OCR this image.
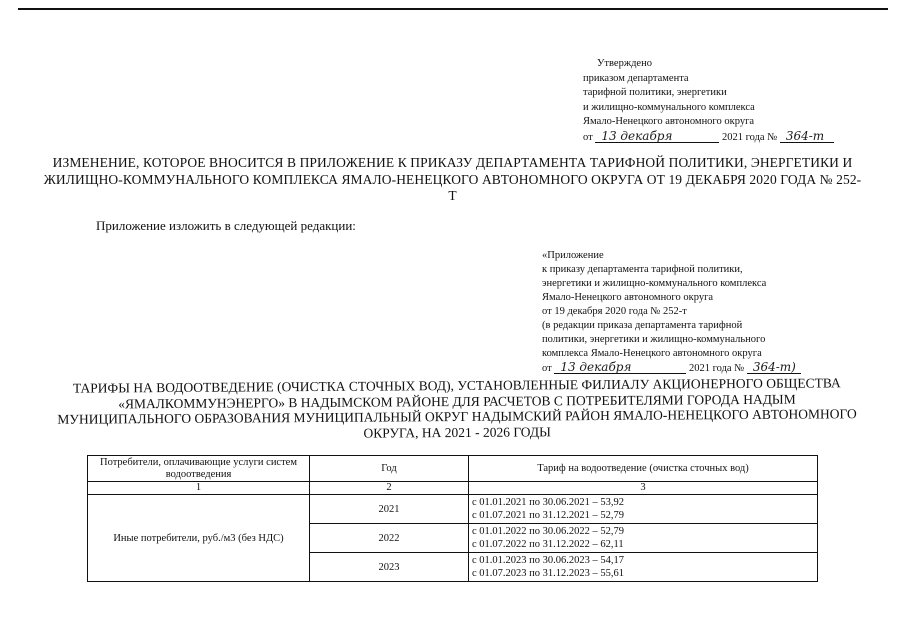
Утверждено
приказом департамента
тарифной политики, энергетики
и жилищно-коммунального комплекса
Ямало-Ненецкого автономного округа
от 13 декабря	2021 года № 364-т
ИЗМЕНЕНИЕ, КОТОРОЕ ВНОСИТСЯ В ПРИЛОЖЕНИЕ К ПРИКАЗУ ДЕПАРТАМЕНТА ТАРИФНОЙ ПОЛИТИКИ, ЭНЕРГЕТИКИ И ЖИЛИЩНО-КОММУНАЛЬНОГО КОМПЛЕКСА ЯМАЛО-НЕНЕЦКОГО АВТОНОМНОГО ОКРУГА ОТ 19 ДЕКАБРЯ 2020 ГОДА № 252-Т
Приложение изложить в следующей редакции:
«Приложение
к приказу департамента тарифной политики,
энергетики и жилищно-коммунального комплекса
Ямало-Ненецкого автономного округа
от 19 декабря 2020 года № 252-т
(в редакции приказа департамента тарифной
политики, энергетики и жилищно-коммунального
комплекса Ямало-Ненецкого автономного округа
от 13 декабря	2021 года № 364-т)
ТАРИФЫ НА ВОДООТВЕДЕНИЕ (ОЧИСТКА СТОЧНЫХ ВОД), УСТАНОВЛЕННЫЕ ФИЛИАЛУ АКЦИОНЕРНОГО ОБЩЕСТВА «ЯМАЛКОММУНЭНЕРГО» В НАДЫМСКОМ РАЙОНЕ ДЛЯ РАСЧЕТОВ С ПОТРЕБИТЕЛЯМИ ГОРОДА НАДЫМ МУНИЦИПАЛЬНОГО ОБРАЗОВАНИЯ МУНИЦИПАЛЬНЫЙ ОКРУГ НАДЫМСКИЙ РАЙОН ЯМАЛО-НЕНЕЦКОГО АВТОНОМНОГО ОКРУГА, НА 2021 - 2026 ГОДЫ
Потребители, оплачивающие услуги систем водоотведения	Год	Тариф на водоотведение (очистка сточных вод)
1	2	3
Иные потребители, руб./м3 (без НДС)	2021	с 01.01.2021 по 30.06.2021 – 53,92
с 01.07.2021 по 31.12.2021 – 52,79

	2022	с 01.01.2022 по 30.06.2022 – 52,79
с 01.07.2022 по 31.12.2022 – 62,11

	2023	с 01.01.2023 по 30.06.2023 – 54,17
с 01.07.2023 по 31.12.2023 – 55,61
